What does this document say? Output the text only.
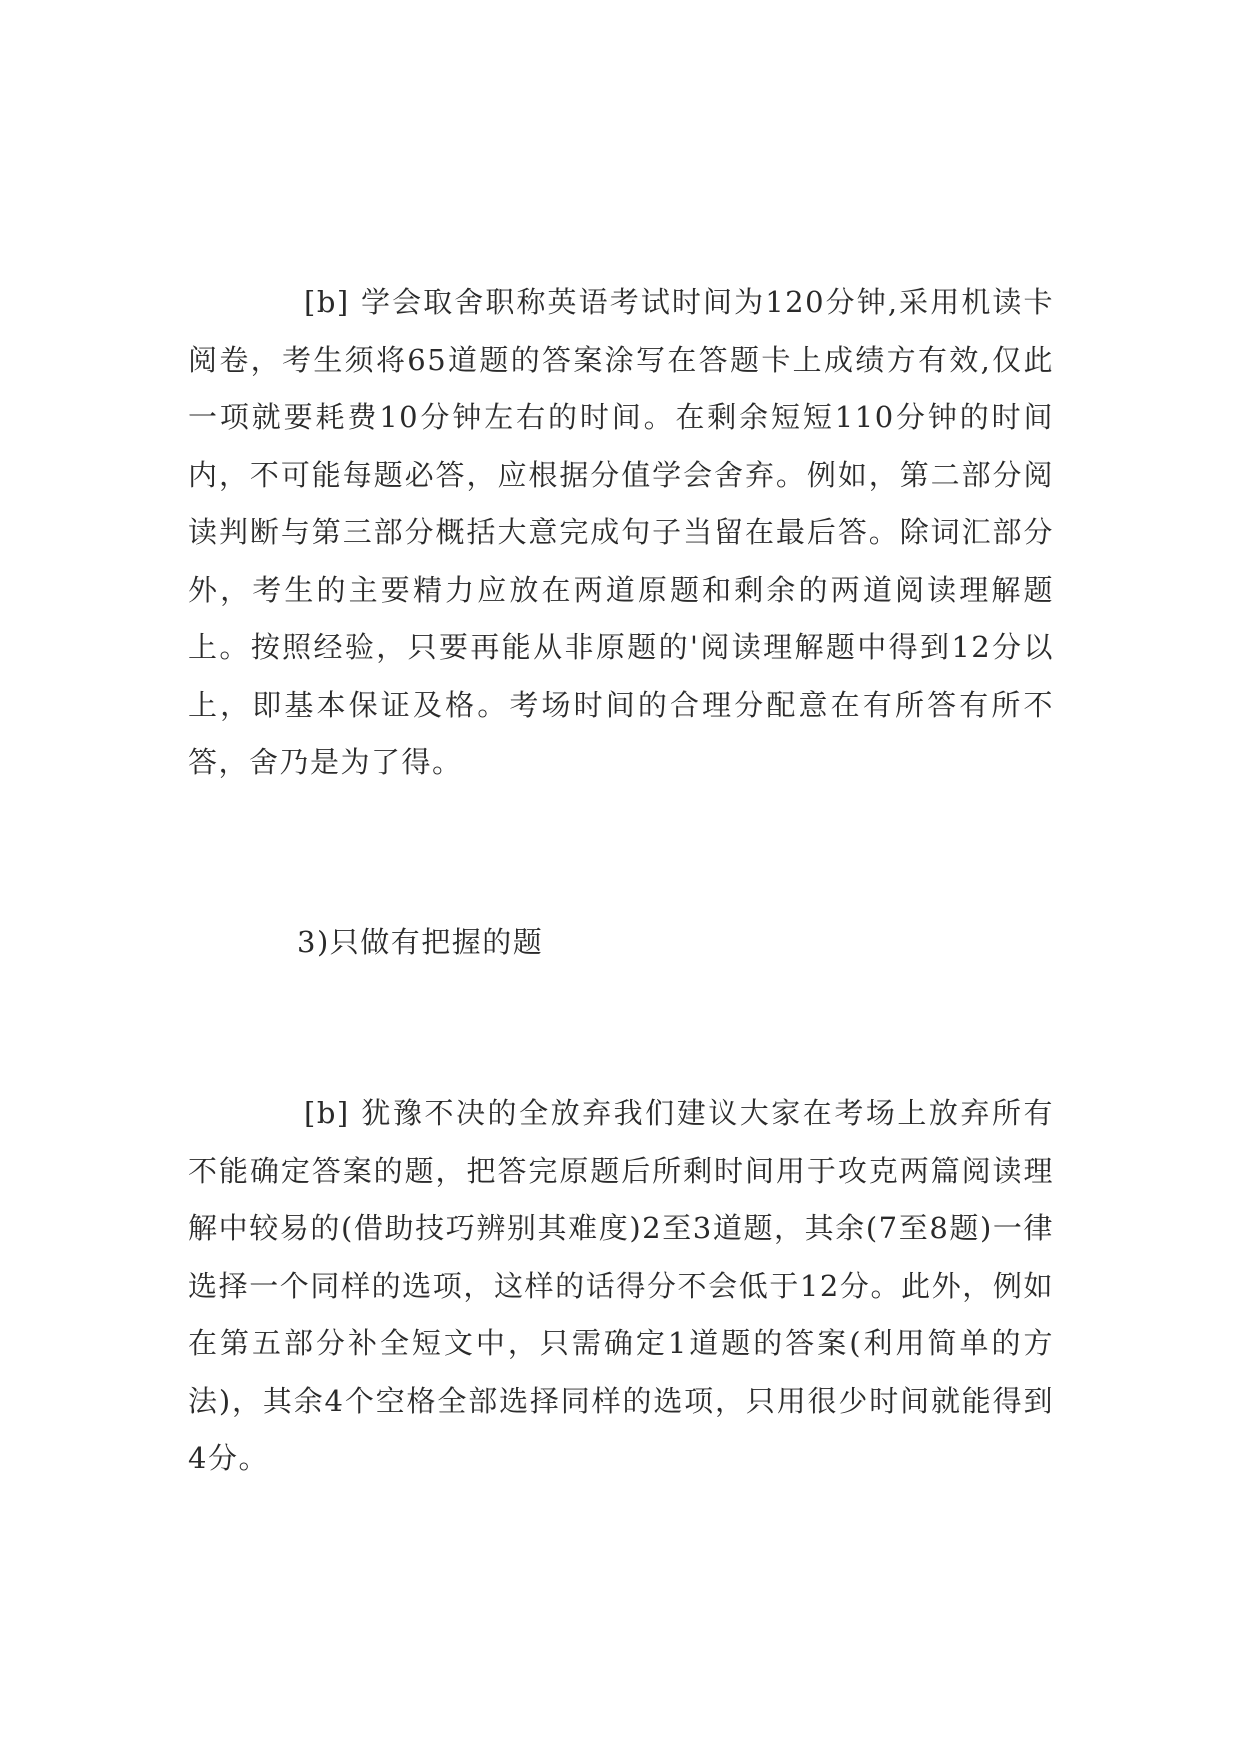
[b] 学会取舍职称英语考试时间为120分钟,采用机读卡阅卷，考生须将65道题的答案涂写在答题卡上成绩方有效,仅此一项就要耗费10分钟左右的时间。在剩余短短110分钟的时间内，不可能每题必答，应根据分值学会舍弃。例如，第二部分阅读判断与第三部分概括大意完成句子当留在最后答。除词汇部分外，考生的主要精力应放在两道原题和剩余的两道阅读理解题上。按照经验，只要再能从非原题的'阅读理解题中得到12分以上，即基本保证及格。考场时间的合理分配意在有所答有所不答，舍乃是为了得。

3)只做有把握的题

[b] 犹豫不决的全放弃我们建议大家在考场上放弃所有不能确定答案的题，把答完原题后所剩时间用于攻克两篇阅读理解中较易的(借助技巧辨别其难度)2至3道题，其余(7至8题)一律选择一个同样的选项，这样的话得分不会低于12分。此外，例如在第五部分补全短文中，只需确定1道题的答案(利用简单的方法)，其余4个空格全部选择同样的选项，只用很少时间就能得到4分。
